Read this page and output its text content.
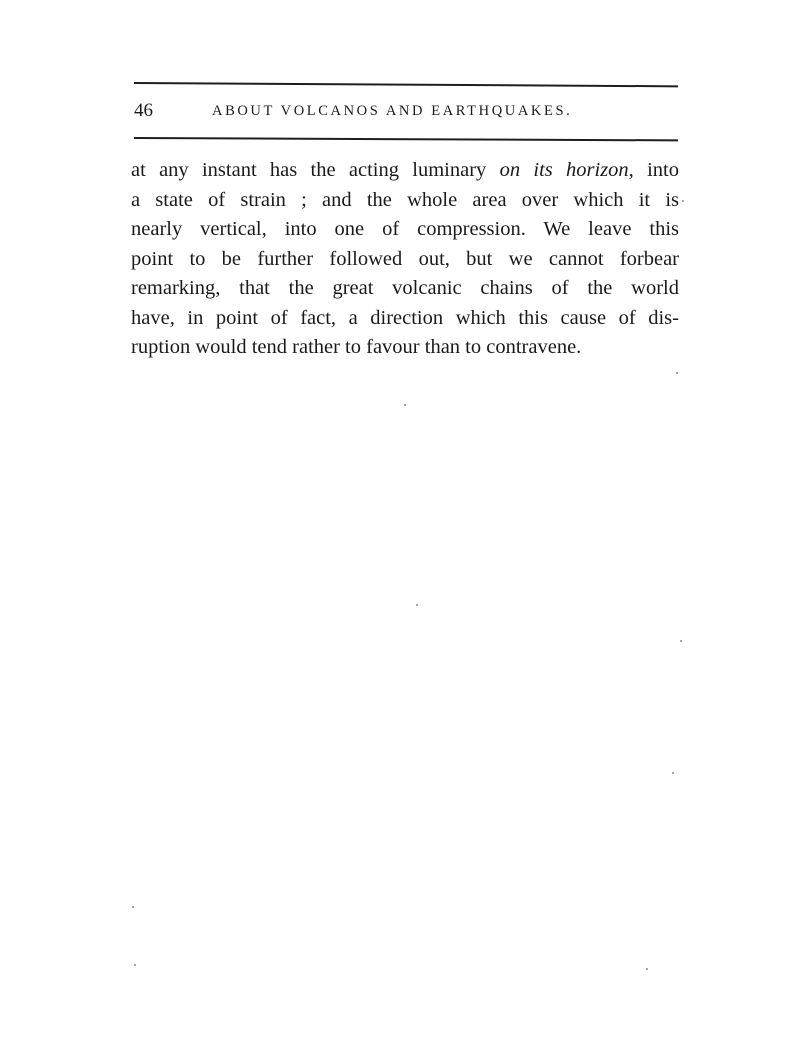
46	ABOUT VOLCANOS AND EARTHQUAKES.
at any instant has the acting luminary on its horizon, into
a state of strain ; and the whole area over which it is
nearly vertical, into one of compression. We leave this
point to be further followed out, but we cannot forbear
remarking, that the great volcanic chains of the world
have, in point of fact, a direction which this cause of dis-
ruption would tend rather to favour than to contravene.
